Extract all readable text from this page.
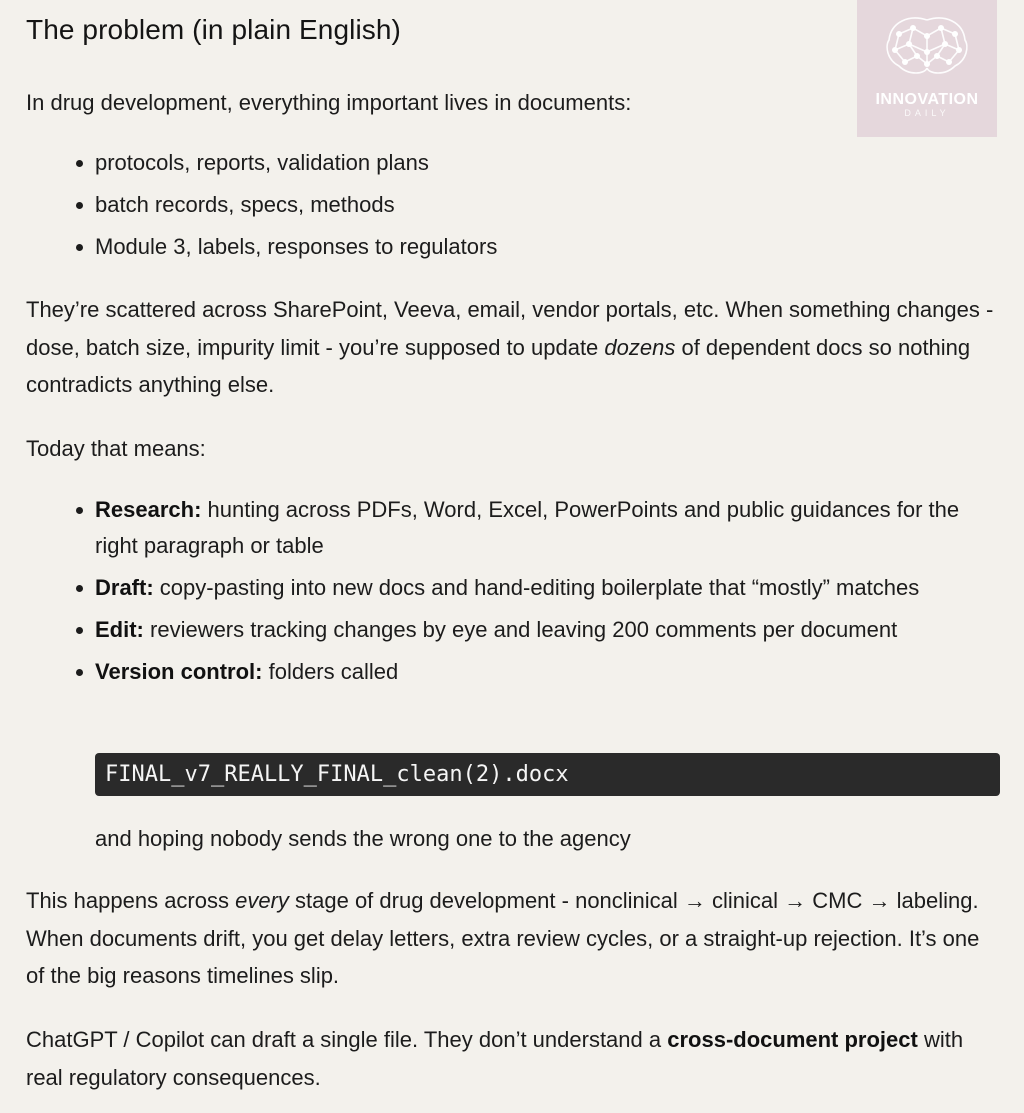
The problem (in plain English)
INNOVATION
DAILY

In drug development, everything important lives in documents:

protocols, reports, validation plans
batch records, specs, methods
Module 3, labels, responses to regulators

They’re scattered across SharePoint, Veeva, email, vendor portals, etc. When something changes - dose, batch size, impurity limit - you’re supposed to update dozens of dependent docs so nothing contradicts anything else.

Today that means:

Research: hunting across PDFs, Word, Excel, PowerPoints and public guidances for the right paragraph or table
Draft: copy-pasting into new docs and hand-editing boilerplate that “mostly” matches
Edit: reviewers tracking changes by eye and leaving 200 comments per document
Version control: folders called
FINAL_v7_REALLY_FINAL_clean(2).docx

and hoping nobody sends the wrong one to the agency

This happens across every stage of drug development - nonclinical → clinical → CMC → labeling. When documents drift, you get delay letters, extra review cycles, or a straight-up rejection. It’s one of the big reasons timelines slip.

ChatGPT / Copilot can draft a single file. They don’t understand a cross-document project with real regulatory consequences.
